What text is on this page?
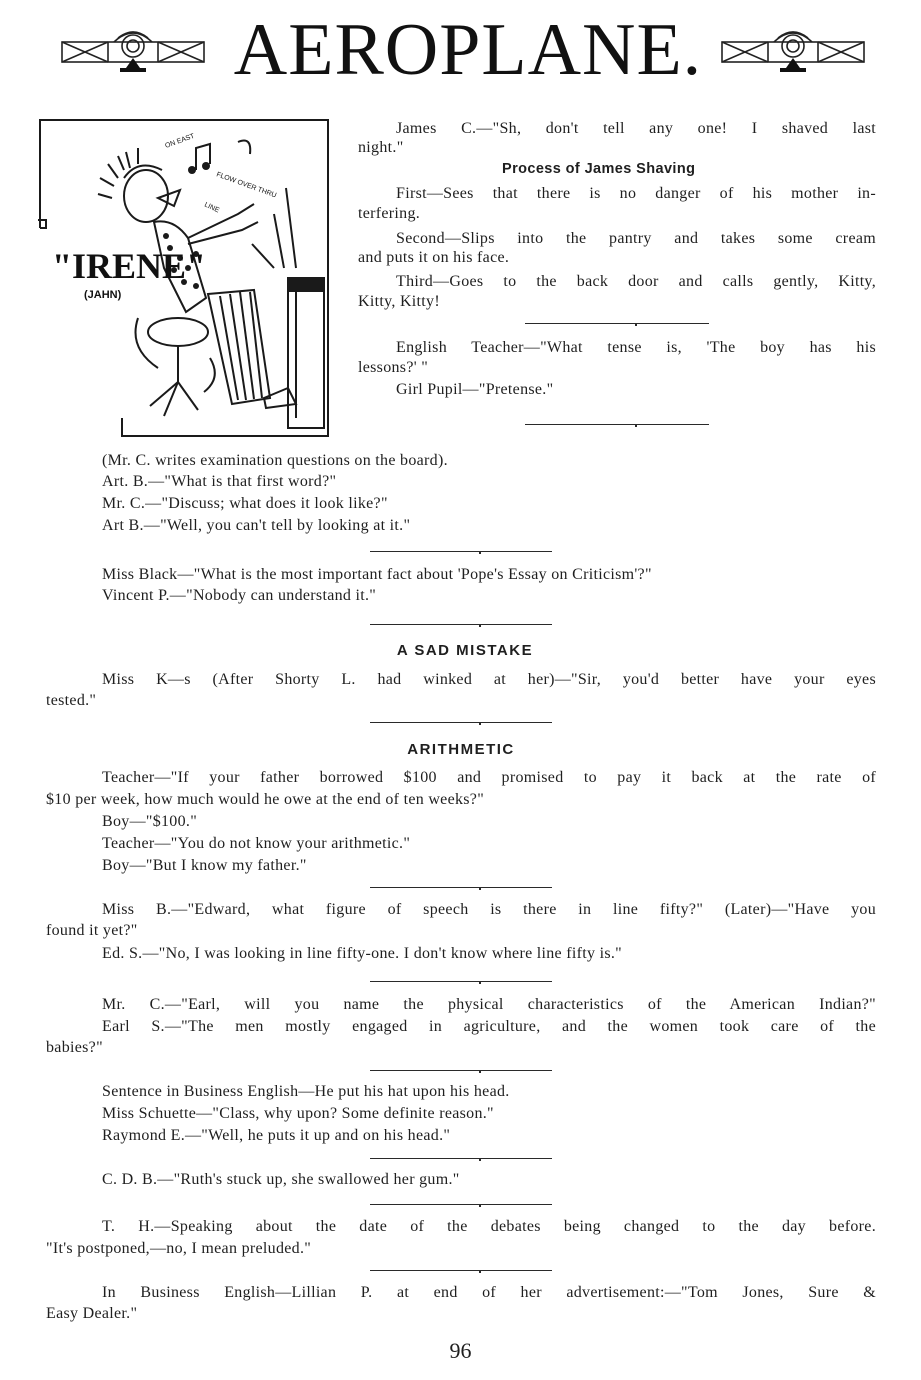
AEROPLANE.
"IRENE"
(JAHN)
ON EAST
FLOW OVER THRU
LINE
James C.—"Sh, don't tell any one! I shaved last
night."
Process of James Shaving
First—Sees that there is no danger of his mother in-
terfering.
Second—Slips into the pantry and takes some cream
and puts it on his face.
Third—Goes to the back door and calls gently, Kitty,
Kitty, Kitty!
English Teacher—"What tense is, 'The boy has his
lessons?' "
Girl Pupil—"Pretense."
(Mr. C. writes examination questions on the board).
Art. B.—"What is that first word?"
Mr. C.—"Discuss; what does it look like?"
Art B.—"Well, you can't tell by looking at it."
Miss Black—"What is the most important fact about 'Pope's Essay on Criticism'?"
Vincent P.—"Nobody can understand it."
A SAD MISTAKE
Miss K—s (After Shorty L. had winked at her)—"Sir, you'd better have your eyes
tested."
ARITHMETIC
Teacher—"If your father borrowed $100 and promised to pay it back at the rate of
$10 per week, how much would he owe at the end of ten weeks?"
Boy—"$100."
Teacher—"You do not know your arithmetic."
Boy—"But I know my father."
Miss B.—"Edward, what figure of speech is there in line fifty?" (Later)—"Have you
found it yet?"
Ed. S.—"No, I was looking in line fifty-one. I don't know where line fifty is."
Mr. C.—"Earl, will you name the physical characteristics of the American Indian?"
Earl S.—"The men mostly engaged in agriculture, and the women took care of the
babies?"
Sentence in Business English—He put his hat upon his head.
Miss Schuette—"Class, why upon? Some definite reason."
Raymond E.—"Well, he puts it up and on his head."
C. D. B.—"Ruth's stuck up, she swallowed her gum."
T. H.—Speaking about the date of the debates being changed to the day before.
"It's postponed,—no, I mean preluded."
In Business English—Lillian P. at end of her advertisement:—"Tom Jones, Sure &
Easy Dealer."
96
